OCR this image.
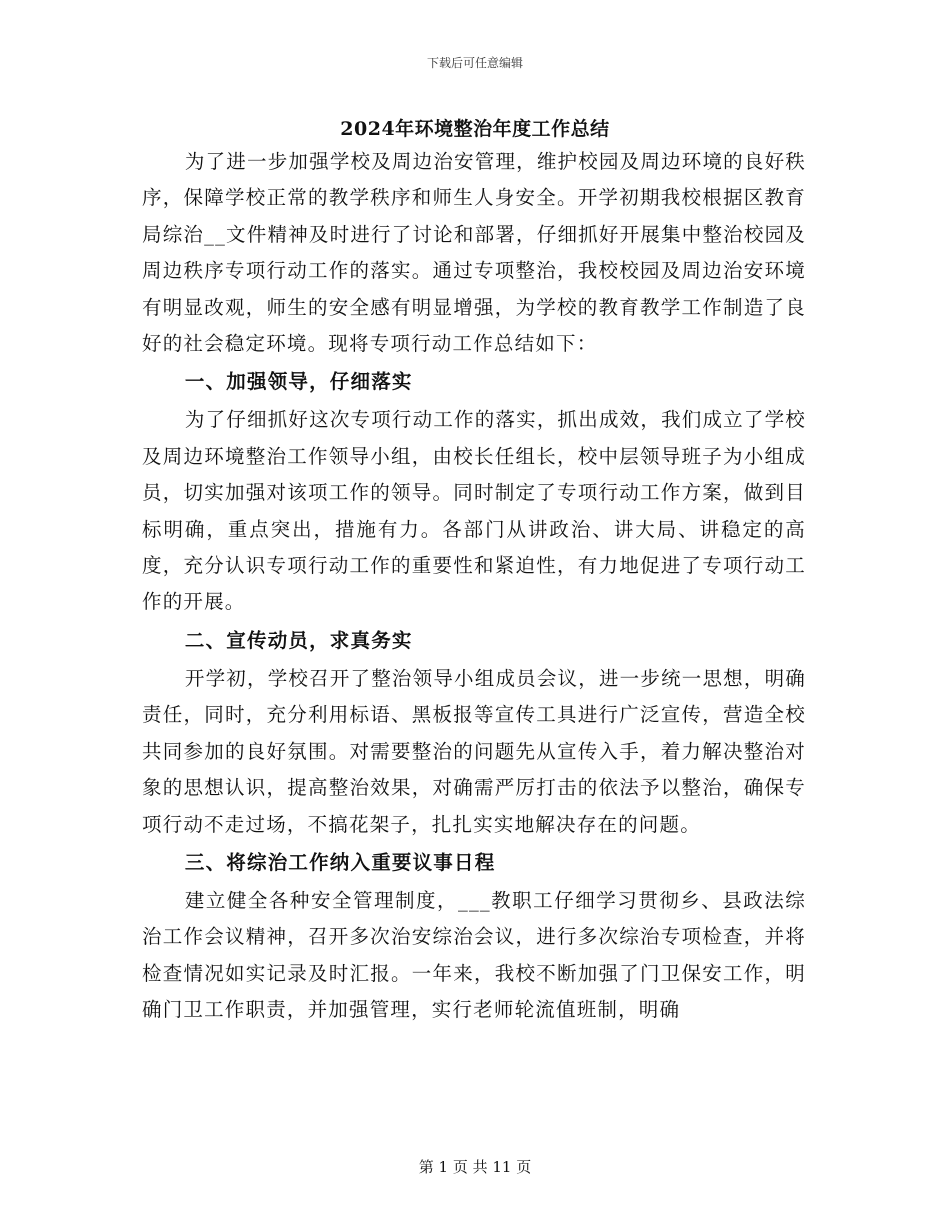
下载后可任意编辑
2024年环境整治年度工作总结

为了进一步加强学校及周边治安管理，维护校园及周边环境的良好秩序，保障学校正常的教学秩序和师生人身安全。开学初期我校根据区教育局综治__文件精神及时进行了讨论和部署，仔细抓好开展集中整治校园及周边秩序专项行动工作的落实。通过专项整治，我校校园及周边治安环境有明显改观，师生的安全感有明显增强，为学校的教育教学工作制造了良好的社会稳定环境。现将专项行动工作总结如下：

一、加强领导，仔细落实

为了仔细抓好这次专项行动工作的落实，抓出成效，我们成立了学校及周边环境整治工作领导小组，由校长任组长，校中层领导班子为小组成员，切实加强对该项工作的领导。同时制定了专项行动工作方案，做到目标明确，重点突出，措施有力。各部门从讲政治、讲大局、讲稳定的高度，充分认识专项行动工作的重要性和紧迫性，有力地促进了专项行动工作的开展。

二、宣传动员，求真务实

开学初，学校召开了整治领导小组成员会议，进一步统一思想，明确责任，同时，充分利用标语、黑板报等宣传工具进行广泛宣传，营造全校共同参加的良好氛围。对需要整治的问题先从宣传入手，着力解决整治对象的思想认识，提高整治效果，对确需严厉打击的依法予以整治，确保专项行动不走过场，不搞花架子，扎扎实实地解决存在的问题。

三、将综治工作纳入重要议事日程

建立健全各种安全管理制度，___教职工仔细学习贯彻乡、县政法综治工作会议精神，召开多次治安综治会议，进行多次综治专项检查，并将检查情况如实记录及时汇报。一年来，我校不断加强了门卫保安工作，明确门卫工作职责，并加强管理，实行老师轮流值班制，明确

第 1 页 共 11 页
